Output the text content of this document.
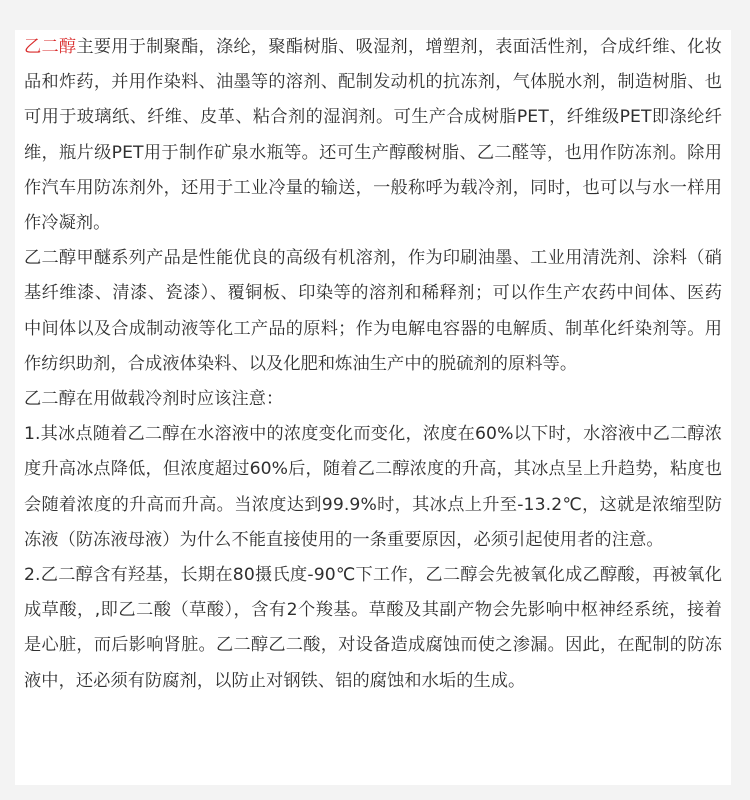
乙二醇主要用于制聚酯，涤纶，聚酯树脂、吸湿剂，增塑剂，表面活性剂，合成纤维、化妆品和炸药，并用作染料、油墨等的溶剂、配制发动机的抗冻剂，气体脱水剂，制造树脂、也可用于玻璃纸、纤维、皮革、粘合剂的湿润剂。可生产合成树脂PET，纤维级PET即涤纶纤维，瓶片级PET用于制作矿泉水瓶等。还可生产醇酸树脂、乙二醛等，也用作防冻剂。除用作汽车用防冻剂外，还用于工业冷量的输送，一般称呼为载冷剂，同时，也可以与水一样用作冷凝剂。

乙二醇甲醚系列产品是性能优良的高级有机溶剂，作为印刷油墨、工业用清洗剂、涂料（硝基纤维漆、清漆、瓷漆）、覆铜板、印染等的溶剂和稀释剂；可以作生产农药中间体、医药中间体以及合成制动液等化工产品的原料；作为电解电容器的电解质、制革化纤染剂等。用作纺织助剂，合成液体染料、以及化肥和炼油生产中的脱硫剂的原料等。

乙二醇在用做载冷剂时应该注意：

1.其冰点随着乙二醇在水溶液中的浓度变化而变化，浓度在60%以下时，水溶液中乙二醇浓度升高冰点降低，但浓度超过60%后，随着乙二醇浓度的升高，其冰点呈上升趋势，粘度也会随着浓度的升高而升高。当浓度达到99.9%时，其冰点上升至-13.2℃，这就是浓缩型防冻液（防冻液母液）为什么不能直接使用的一条重要原因，必须引起使用者的注意。

2.乙二醇含有羟基，长期在80摄氏度-90℃下工作，乙二醇会先被氧化成乙醇酸，再被氧化成草酸，,即乙二酸（草酸），含有2个羧基。草酸及其副产物会先影响中枢神经系统，接着是心脏，而后影响肾脏。乙二醇乙二酸，对设备造成腐蚀而使之渗漏。因此，在配制的防冻液中，还必须有防腐剂，以防止对钢铁、铝的腐蚀和水垢的生成。
